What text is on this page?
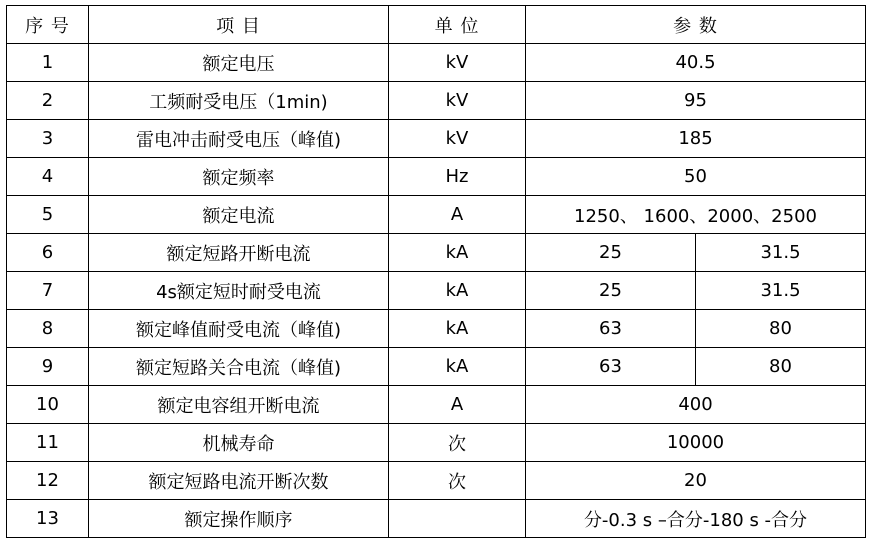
序 号	项 目	单 位	参 数	
1	额定电压	kV	40.5	
2	工频耐受电压（1min)	kV	95	
3	雷电冲击耐受电压（峰值)	kV	185	
4	额定频率	Hz	50	
5	额定电流	A	1250、 1600、2000、2500	
6	额定短路开断电流	kA	25	31.5
7	4s额定短时耐受电流	kA	25	31.5
8	额定峰值耐受电流（峰值)	kA	63	80
9	额定短路关合电流（峰值)	kA	63	80
10	额定电容组开断电流	A	400	
11	机械寿命	次	10000	
12	额定短路电流开断次数	次	20	
13	额定操作顺序		分-0.3 s –合分-180 s -合分	
